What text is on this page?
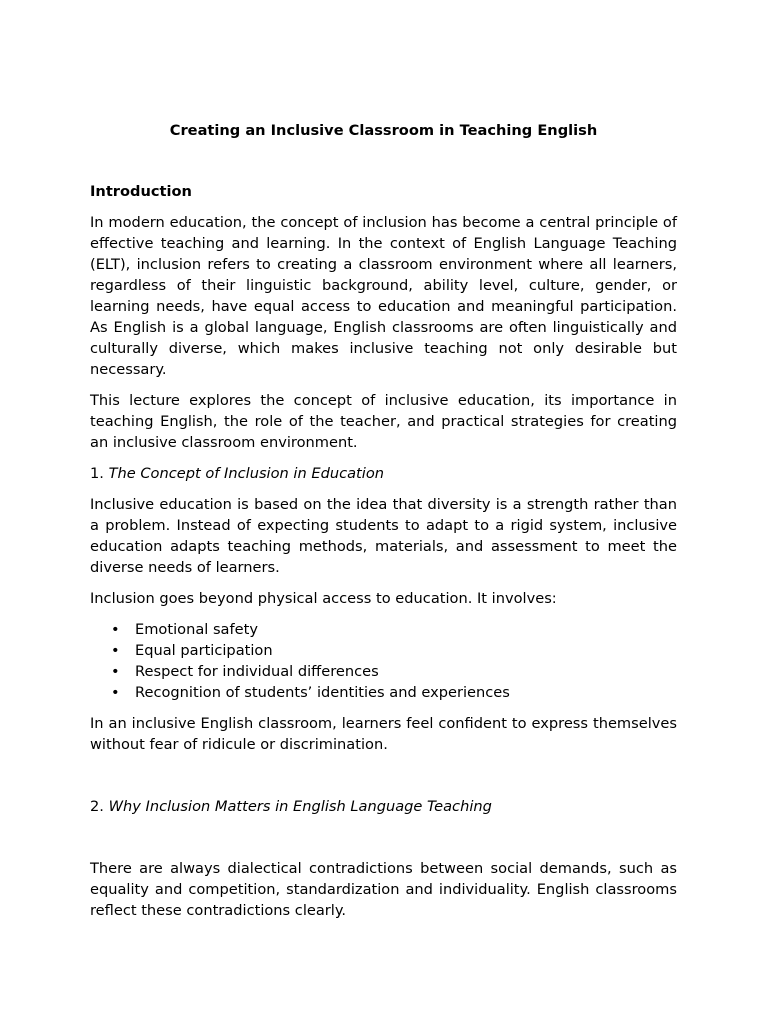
Creating an Inclusive Classroom in Teaching English
Introduction

In modern education, the concept of inclusion has become a central principle of effective teaching and learning. In the context of English Language Teaching (ELT), inclusion refers to creating a classroom environment where all learners, regardless of their linguistic background, ability level, culture, gender, or learning needs, have equal access to education and meaningful participation. As English is a global language, English classrooms are often linguistically and culturally diverse, which makes inclusive teaching not only desirable but necessary.

This lecture explores the concept of inclusive education, its importance in teaching English, the role of the teacher, and practical strategies for creating an inclusive classroom environment.

1. The Concept of Inclusion in Education

Inclusive education is based on the idea that diversity is a strength rather than a problem. Instead of expecting students to adapt to a rigid system, inclusive education adapts teaching methods, materials, and assessment to meet the diverse needs of learners.

Inclusion goes beyond physical access to education. It involves:

• Emotional safety
• Equal participation
• Respect for individual differences
• Recognition of students’ identities and experiences

In an inclusive English classroom, learners feel confident to express themselves without fear of ridicule or discrimination.

2. Why Inclusion Matters in English Language Teaching

There are always dialectical contradictions between social demands, such as equality and competition, standardization and individuality. English classrooms reflect these contradictions clearly.
